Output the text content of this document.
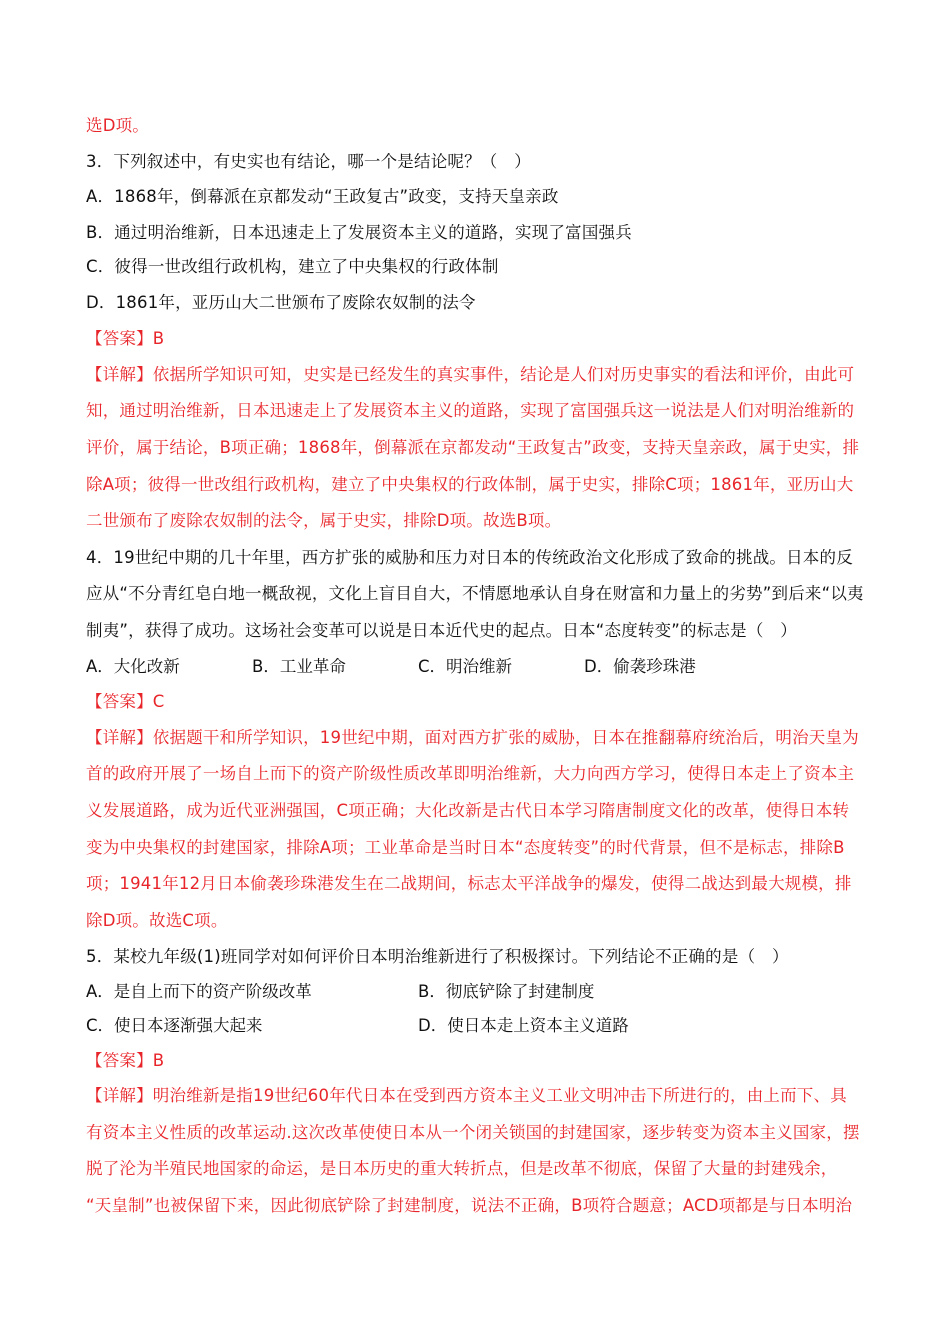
选D项。
3．下列叙述中，有史实也有结论，哪一个是结论呢？（　）
A．1868年，倒幕派在京都发动“王政复古”政变，支持天皇亲政
B．通过明治维新，日本迅速走上了发展资本主义的道路，实现了富国强兵
C．彼得一世改组行政机构，建立了中央集权的行政体制
D．1861年，亚历山大二世颁布了废除农奴制的法令
【答案】B
【详解】依据所学知识可知，史实是已经发生的真实事件，结论是人们对历史事实的看法和评价，由此可
知，通过明治维新，日本迅速走上了发展资本主义的道路，实现了富国强兵这一说法是人们对明治维新的
评价，属于结论，B项正确；1868年，倒幕派在京都发动“王政复古”政变，支持天皇亲政，属于史实，排
除A项；彼得一世改组行政机构，建立了中央集权的行政体制，属于史实，排除C项；1861年，亚历山大
二世颁布了废除农奴制的法令，属于史实，排除D项。故选B项。
4．19世纪中期的几十年里，西方扩张的威胁和压力对日本的传统政治文化形成了致命的挑战。日本的反
应从“不分青红皂白地一概敌视，文化上盲目自大，不情愿地承认自身在财富和力量上的劣势”到后来“以夷
制夷”，获得了成功。这场社会变革可以说是日本近代史的起点。日本“态度转变”的标志是（　）
A．大化改新	B．工业革命	C．明治维新	D．偷袭珍珠港
【答案】C
【详解】依据题干和所学知识，19世纪中期，面对西方扩张的威胁，日本在推翻幕府统治后，明治天皇为
首的政府开展了一场自上而下的资产阶级性质改革即明治维新，大力向西方学习，使得日本走上了资本主
义发展道路，成为近代亚洲强国，C项正确；大化改新是古代日本学习隋唐制度文化的改革，使得日本转
变为中央集权的封建国家，排除A项；工业革命是当时日本“态度转变”的时代背景，但不是标志，排除B
项；1941年12月日本偷袭珍珠港发生在二战期间，标志太平洋战争的爆发，使得二战达到最大规模，排
除D项。故选C项。
5．某校九年级(1)班同学对如何评价日本明治维新进行了积极探讨。下列结论不正确的是（　）
A．是自上而下的资产阶级改革	B．彻底铲除了封建制度
C．使日本逐渐强大起来	D．使日本走上资本主义道路
【答案】B
【详解】明治维新是指19世纪60年代日本在受到西方资本主义工业文明冲击下所进行的，由上而下、具
有资本主义性质的改革运动.这次改革使使日本从一个闭关锁国的封建国家，逐步转变为资本主义国家，摆
脱了沦为半殖民地国家的命运，是日本历史的重大转折点，但是改革不彻底，保留了大量的封建残余，
“天皇制”也被保留下来，因此彻底铲除了封建制度，说法不正确，B项符合题意；ACD项都是与日本明治
